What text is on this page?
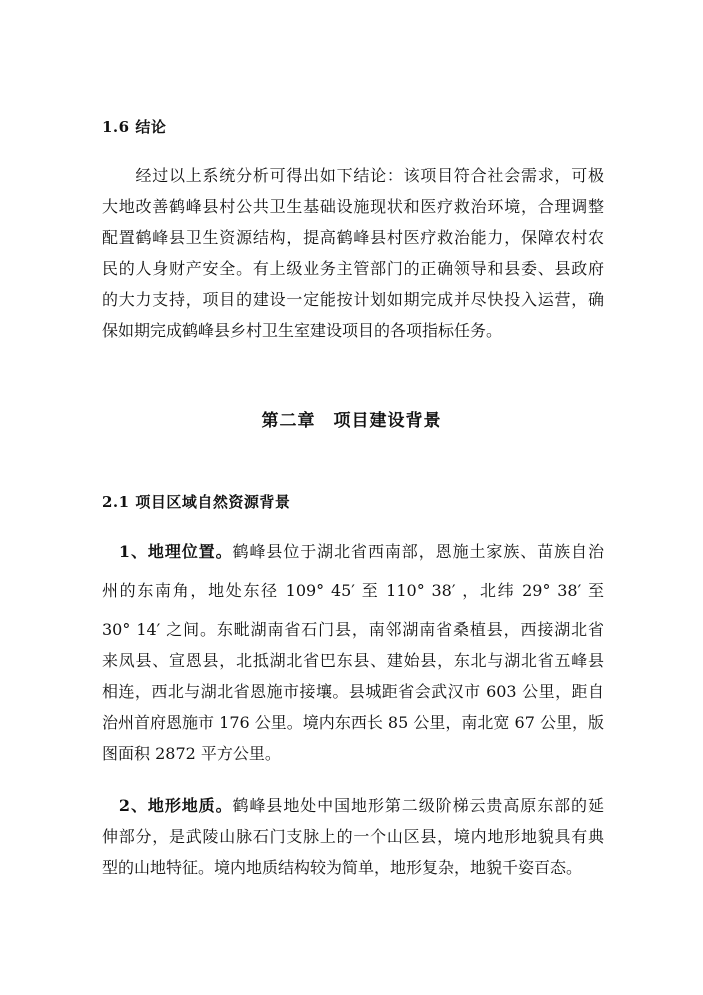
1.6 结论
　　经过以上系统分析可得出如下结论：该项目符合社会需求，可极
大地改善鹤峰县村公共卫生基础设施现状和医疗救治环境，合理调整
配置鹤峰县卫生资源结构，提高鹤峰县村医疗救治能力，保障农村农
民的人身财产安全。有上级业务主管部门的正确领导和县委、县政府
的大力支持，项目的建设一定能按计划如期完成并尽快投入运营，确
保如期完成鹤峰县乡村卫生室建设项目的各项指标任务。
第二章　项目建设背景
2.1 项目区域自然资源背景
　1、地理位置。鹤峰县位于湖北省西南部，恩施土家族、苗族自治
州的东南角，地处东径 109° 45′ 至 110° 38′ ，北纬 29° 38′ 至
30° 14′ 之间。东毗湖南省石门县，南邻湖南省桑植县，西接湖北省
来凤县、宣恩县，北抵湖北省巴东县、建始县，东北与湖北省五峰县
相连，西北与湖北省恩施市接壤。县城距省会武汉市 603 公里，距自
治州首府恩施市 176 公里。境内东西长 85 公里，南北宽 67 公里，版
图面积 2872 平方公里。
　2、地形地质。鹤峰县地处中国地形第二级阶梯云贵高原东部的延
伸部分，是武陵山脉石门支脉上的一个山区县，境内地形地貌具有典
型的山地特征。境内地质结构较为简单，地形复杂，地貌千姿百态。
